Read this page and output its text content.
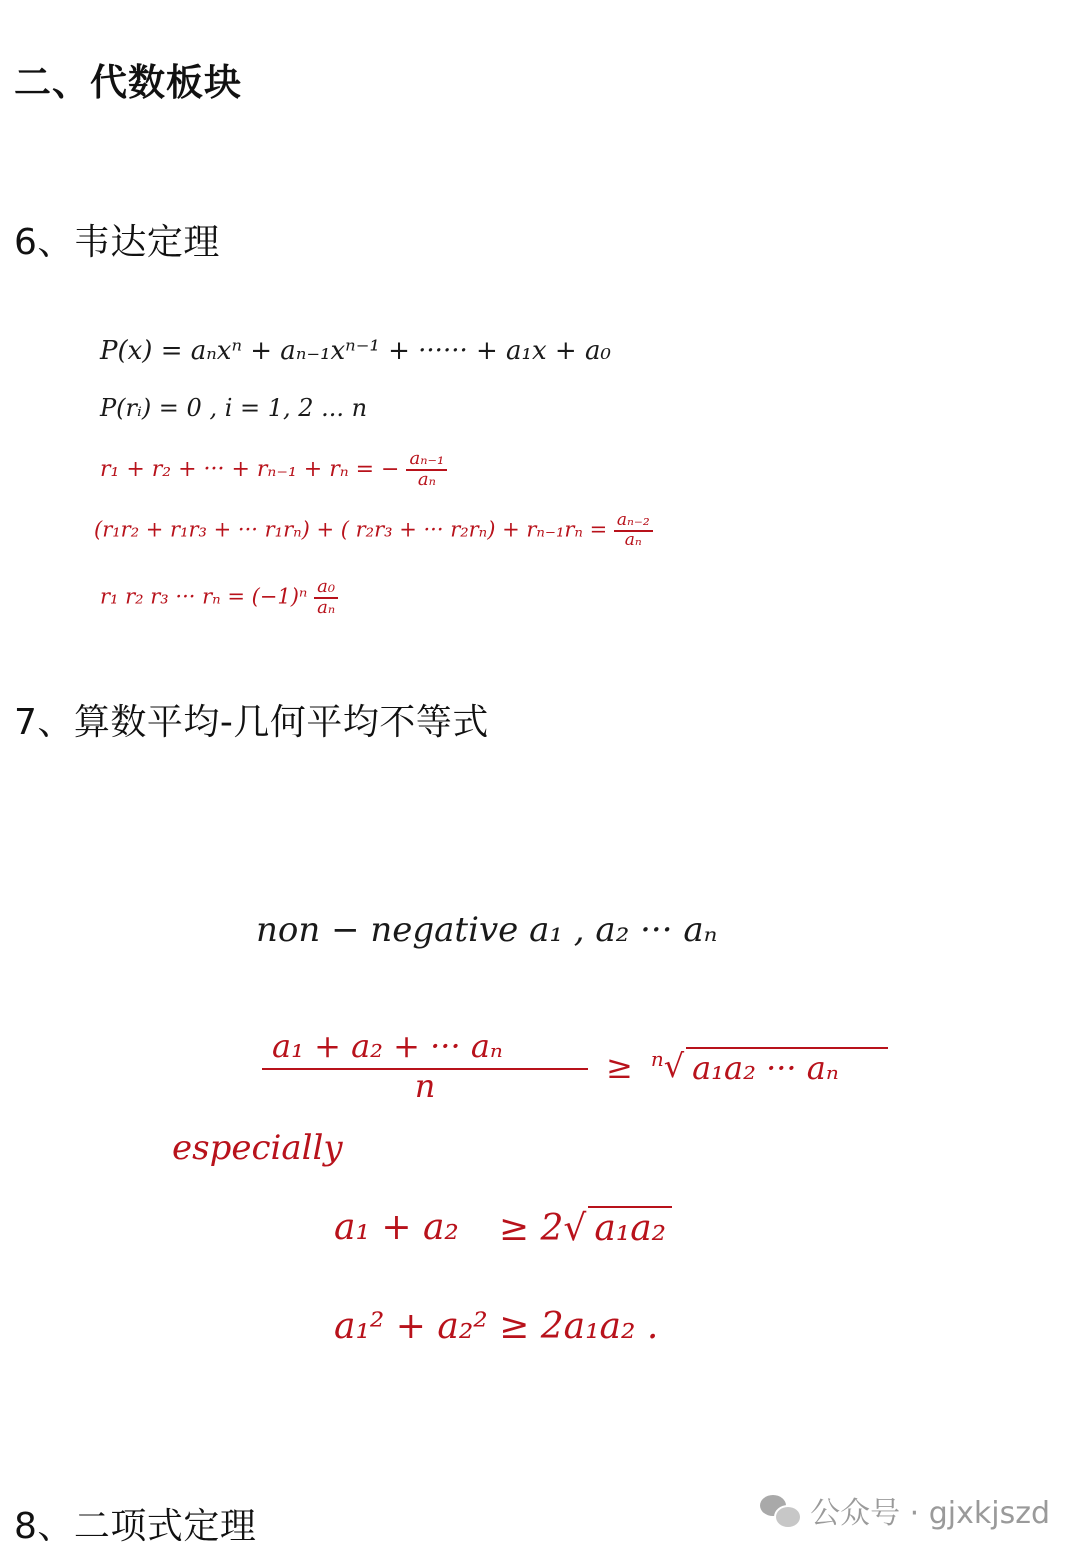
二、代数板块
6、韦达定理
P(x) = aₙxⁿ + aₙ₋₁xⁿ⁻¹ + ······ + a₁x + a₀
P(rᵢ) = 0 , i = 1, 2 ... n
r₁ + r₂ + ··· + rₙ₋₁ + rₙ = − $\frac{\text{aₙ₋₁}}{\text{aₙ}}$
(r₁r₂ + r₁r₃ + ··· r₁rₙ) + ( r₂r₃ + ··· $r_2r_n) + r_{n-1}r_n = \frac{\text{aₙ₋₂}}{\text{aₙ}}$
r₁ r₂ r₃ ··· $r_n = (-1)^n \frac{\text{a₀}}{\text{aₙ}}$
7、算数平均-几何平均不等式
non − negative a₁ , a₂ ··· aₙ
$\frac{\text{a₁ + a₂ + ··· aₙ}}{n} \ge n$ √ a₁a₂ ··· aₙ
especially
a₁ + a₂ ≥ 2√ a₁a₂
a₁² + a₂² ≥ 2a₁a₂ .
8、二项式定理	公众号 · gjxkjszd
